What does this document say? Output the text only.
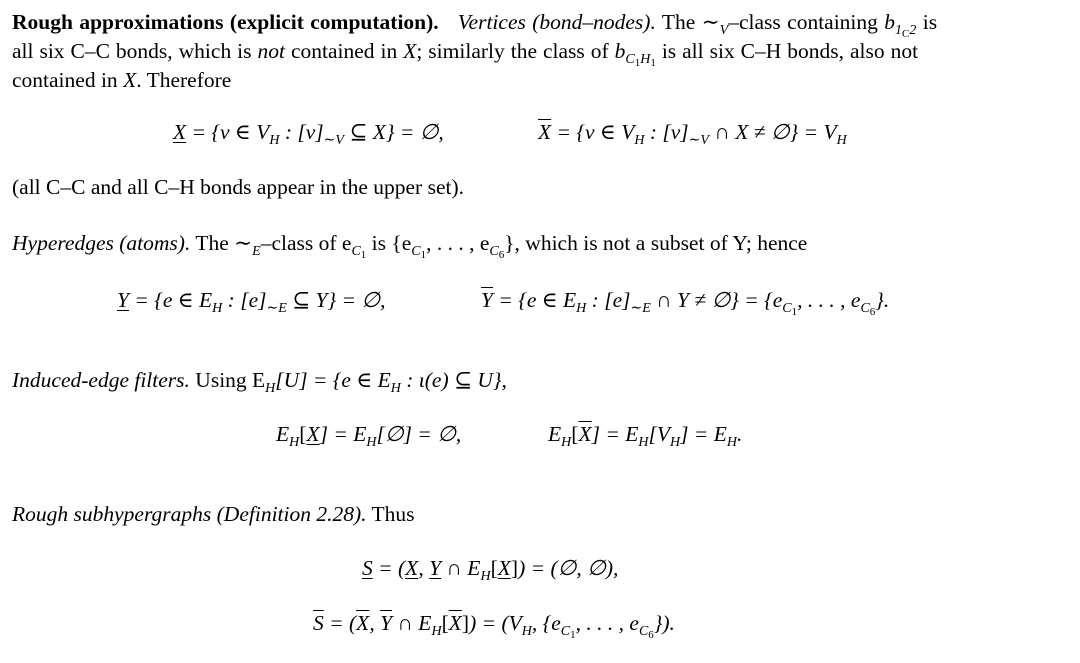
Rough approximations (explicit computation). Vertices (bond–nodes). The $\sim_V$–class containing $b_{1_C2}$ is
all six C–C bonds, which is not contained in X; similarly the class of $b_{C_1H_1}$ is all six C–H bonds, also not
contained in X. Therefore
X = {v ∈ $V_H$ : $[v]_{\sim V}$ ⊆ X} = ∅,	$\overline{X} = \{v$ ∈ $V_H$ : $[v]_{\sim V}$ ∩ X ≠ ∅} = $V_H$
(all C–C and all C–H bonds appear in the upper set).
Hyperedges (atoms). The $\sim_E$–class of $e_{C_1}$ is {$e_{C_1}$, . . . , $e_{C_6}$}, which is not a subset of Y; hence
Y = {e ∈ $E_H$ : $[e]_{\sim E}$ ⊆ Y} = ∅,	$\overline{Y} = \{e$ ∈ $E_H$ : $[e]_{\sim E}$ ∩ Y ≠ ∅} = {$e_{C_1}$, . . . , $e_{C_6}$}.
Induced-edge filters. Using $E_H[U] = \{e$ ∈ $E_H$ : ι(e) ⊆ U},
$E_H[X]$ = $E_H[\emptyset]$ = ∅,	$E_H[\overline{X}] = E_H[V_H] = E_H$.
Rough subhypergraphs (Definition 2.28). Thus
S = (X, Y ∩ $E_H[X]$) = (∅, ∅),
$\overline{S} = (\overline{X}$, $\overline{Y}$ ∩ $E_H[\overline{X}]) = (V_H$, {$e_{C_1}$, . . . , $e_{C_6}$}).
